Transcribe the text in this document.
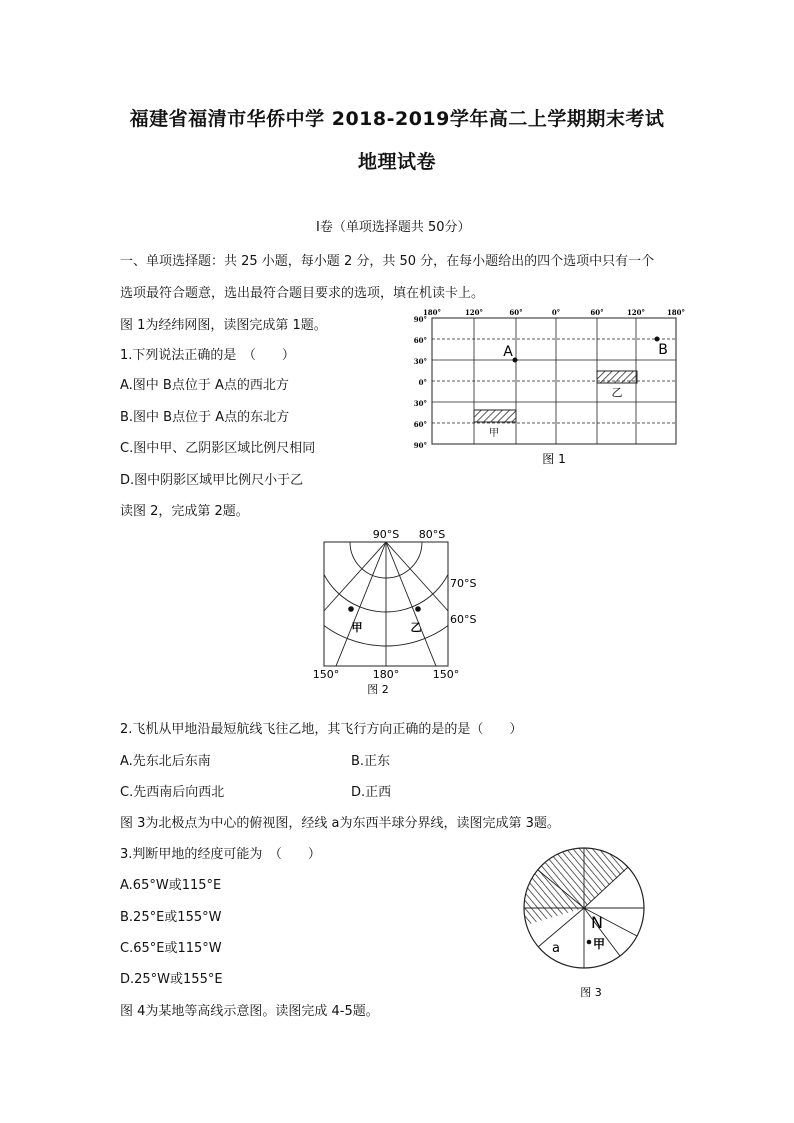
福建省福清市华侨中学 2018-2019学年高二上学期期末考试
地理试卷
Ⅰ卷（单项选择题共 50分）
一、单项选择题：共 25 小题，每小题 2 分，共 50 分，在每小题给出的四个选项中只有一个
选项最符合题意，选出最符合题目要求的选项，填在机读卡上。
图 1为经纬网图，读图完成第 1题。
1.下列说法正确的是　（　　）
A.图中 B点位于 A点的西北方
B.图中 B点位于 A点的东北方
C.图中甲、乙阴影区域比例尺相同
D.图中阴影区域甲比例尺小于乙
180°	120°	60°	0°	60°	120°	180°
90°
60°
30°
0°
30°
60°
90°
甲
乙
A	B
图 1
读图 2，完成第 2题。
90°S 80°S
70°S
60°S
150°	180°	150°
甲	乙
图 2
2.飞机从甲地沿最短航线飞往乙地，其飞行方向正确的是的是（　　）
A.先东北后东南	B.正东
C.先西南后向西北	D.正西
图 3为北极点为中心的俯视图，经线 a为东西半球分界线，读图完成第 3题。
3.判断甲地的经度可能为　（　　）
A.65°W或115°E
B.25°E或155°W
C.65°E或115°W
D.25°W或155°E
N
甲
a
图 3
图 4为某地等高线示意图。读图完成 4-5题。
